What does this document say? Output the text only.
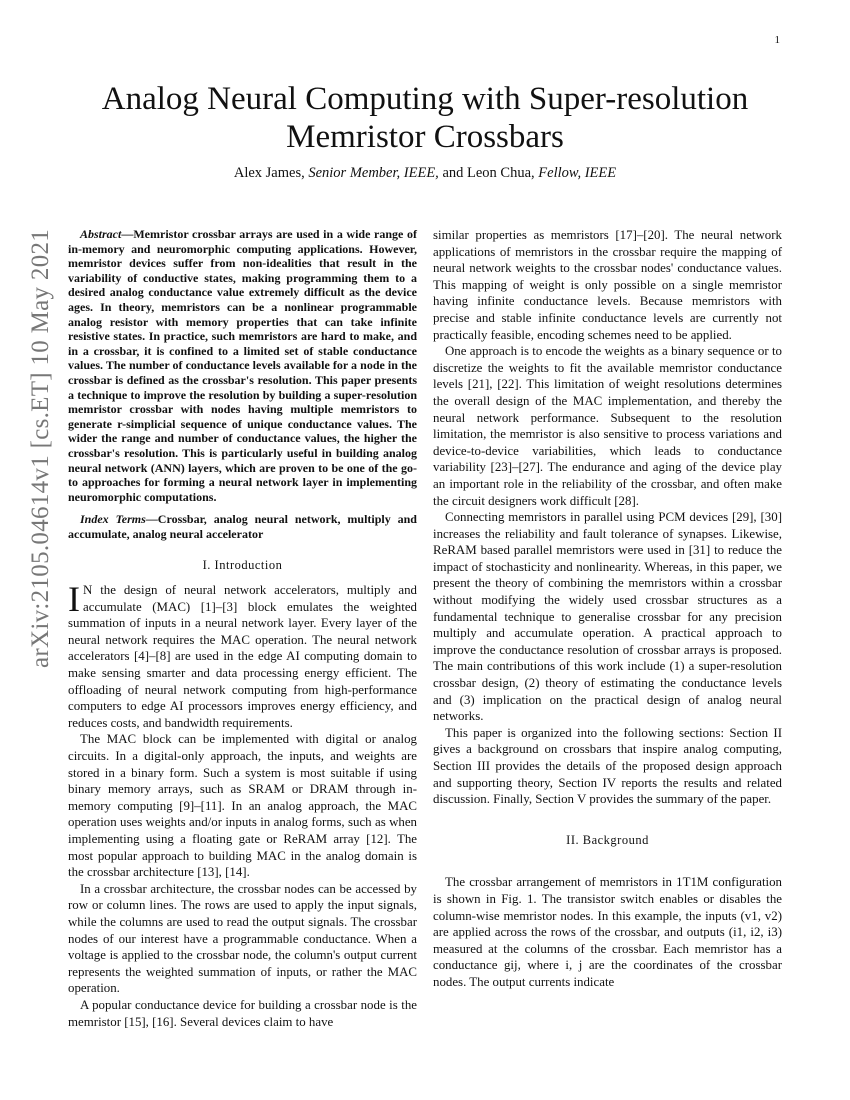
1
arXiv:2105.04614v1 [cs.ET] 10 May 2021
Analog Neural Computing with Super-resolution Memristor Crossbars
Alex James, Senior Member, IEEE, and Leon Chua, Fellow, IEEE

Abstract—Memristor crossbar arrays are used in a wide range of in-memory and neuromorphic computing applications. However, memristor devices suffer from non-idealities that result in the variability of conductive states, making programming them to a desired analog conductance value extremely difficult as the device ages. In theory, memristors can be a nonlinear programmable analog resistor with memory properties that can take infinite resistive states. In practice, such memristors are hard to make, and in a crossbar, it is confined to a limited set of stable conductance values. The number of conductance levels available for a node in the crossbar is defined as the crossbar's resolution. This paper presents a technique to improve the resolution by building a super-resolution memristor crossbar with nodes having multiple memristors to generate r-simplicial sequence of unique conductance values. The wider the range and number of conductance values, the higher the crossbar's resolution. This is particularly useful in building analog neural network (ANN) layers, which are proven to be one of the go-to approaches for forming a neural network layer in implementing neuromorphic computations.

Index Terms—Crossbar, analog neural network, multiply and accumulate, analog neural accelerator

I. Introduction

I N the design of neural network accelerators, multiply and accumulate (MAC) [1]–[3] block emulates the weighted summation of inputs in a neural network layer. Every layer of the neural network requires the MAC operation. The neural network accelerators [4]–[8] are used in the edge AI computing domain to make sensing smarter and data processing energy efficient. The offloading of neural network computing from high-performance computers to edge AI processors improves energy efficiency, and reduces costs, and bandwidth requirements.

The MAC block can be implemented with digital or analog circuits. In a digital-only approach, the inputs, and weights are stored in a binary form. Such a system is most suitable if using binary memory arrays, such as SRAM or DRAM through in-memory computing [9]–[11]. In an analog approach, the MAC operation uses weights and/or inputs in analog forms, such as when implementing using a floating gate or ReRAM array [12]. The most popular approach to building MAC in the analog domain is the crossbar architecture [13], [14].

In a crossbar architecture, the crossbar nodes can be accessed by row or column lines. The rows are used to apply the input signals, while the columns are used to read the output signals. The crossbar nodes of our interest have a programmable conductance. When a voltage is applied to the crossbar node, the column's output current represents the weighted summation of inputs, or rather the MAC operation.

A popular conductance device for building a crossbar node is the memristor [15], [16]. Several devices claim to have

similar properties as memristors [17]–[20]. The neural network applications of memristors in the crossbar require the mapping of neural network weights to the crossbar nodes' conductance values. This mapping of weight is only possible on a single memristor having infinite conductance levels. Because memristors with precise and stable infinite conductance levels are currently not practically feasible, encoding schemes need to be applied.

One approach is to encode the weights as a binary sequence or to discretize the weights to fit the available memristor conductance levels [21], [22]. This limitation of weight resolutions determines the overall design of the MAC implementation, and thereby the neural network performance. Subsequent to the resolution limitation, the memristor is also sensitive to process variations and device-to-device variabilities, which leads to conductance variability [23]–[27]. The endurance and aging of the device play an important role in the reliability of the crossbar, and often make the circuit designers work difficult [28].

Connecting memristors in parallel using PCM devices [29], [30] increases the reliability and fault tolerance of synapses. Likewise, ReRAM based parallel memristors were used in [31] to reduce the impact of stochasticity and nonlinearity. Whereas, in this paper, we present the theory of combining the memristors within a crossbar without modifying the widely used crossbar structures as a fundamental technique to generalise crossbar for any precision multiply and accumulate operation. A practical approach to improve the conductance resolution of crossbar arrays is proposed. The main contributions of this work include (1) a super-resolution crossbar design, (2) theory of estimating the conductance levels and (3) implication on the practical design of analog neural networks.

This paper is organized into the following sections: Section II gives a background on crossbars that inspire analog computing, Section III provides the details of the proposed design approach and supporting theory, Section IV reports the results and related discussion. Finally, Section V provides the summary of the paper.

II. Background

The crossbar arrangement of memristors in 1T1M configuration is shown in Fig. 1. The transistor switch enables or disables the column-wise memristor nodes. In this example, the inputs (v1, v2) are applied across the rows of the crossbar, and outputs (i1, i2, i3) measured at the columns of the crossbar. Each memristor has a conductance gij, where i, j are the coordinates of the crossbar nodes. The output currents indicate
